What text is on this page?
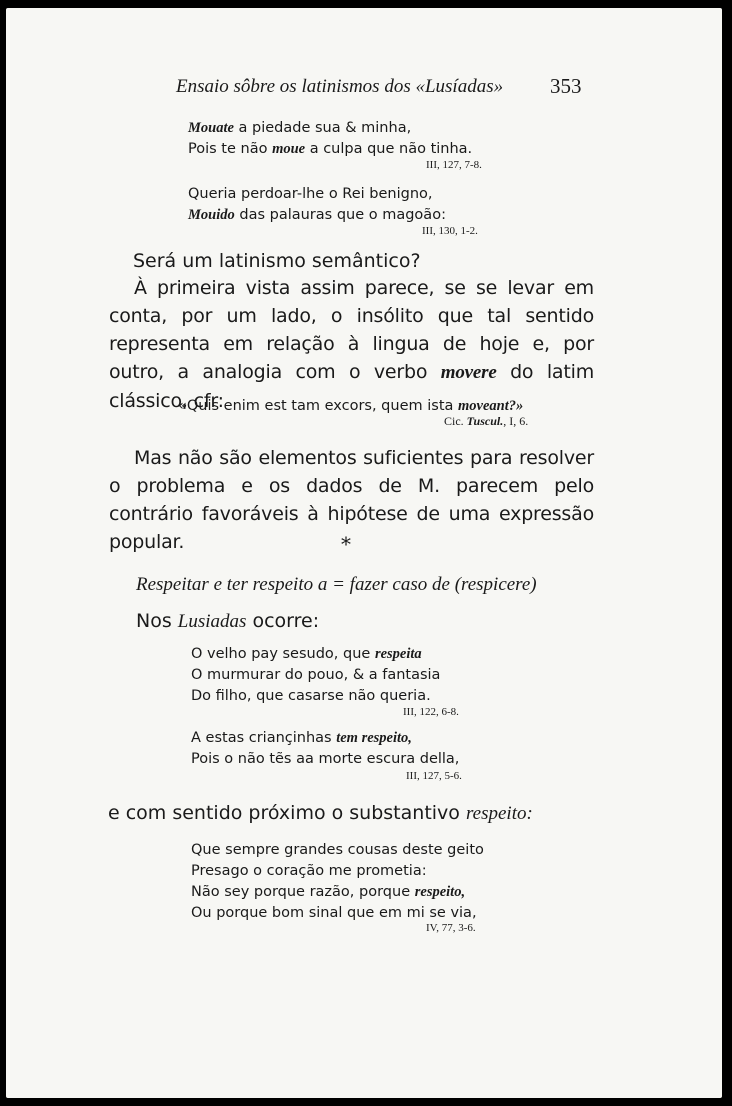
Ensaio sôbre os latinismos dos «Lusíadas» 353
Mouate a piedade sua & minha,
Pois te não moue a culpa que não tinha.
III, 127, 7-8.
Queria perdoar-lhe o Rei benigno,
Mouido das palauras que o magoão:
III, 130, 1-2.
Será um latinismo semântico?

À primeira vista assim parece, se se levar em conta, por um lado, o insólito que tal sentido representa em relação à lingua de hoje e, por outro, a analogia com o verbo movere do latim clássico, cfr:

«Quis enim est tam excors, quem ista moveant?»
Cic. Tuscul., I, 6.

Mas não são elementos suficientes para resolver o problema e os dados de M. parecem pelo contrário favoráveis à hipótese de uma expressão popular.	*
Respeitar e ter respeito a = fazer caso de (respicere)
Nos Lusiadas ocorre:
O velho pay sesudo, que respeita
O murmurar do pouo, & a fantasia
Do filho, que casarse não queria.
III, 122, 6-8.
A estas crianҫinhas tem respeito,
Pois o não tẽs aa morte escura della,
III, 127, 5-6.
e com sentido próximo o substantivo respeito:
Que sempre grandes cousas deste geito
Presago o coração me prometia:
Não sey porque razão, porque respeito,
Ou porque bom sinal que em mi se via,
IV, 77, 3-6.
